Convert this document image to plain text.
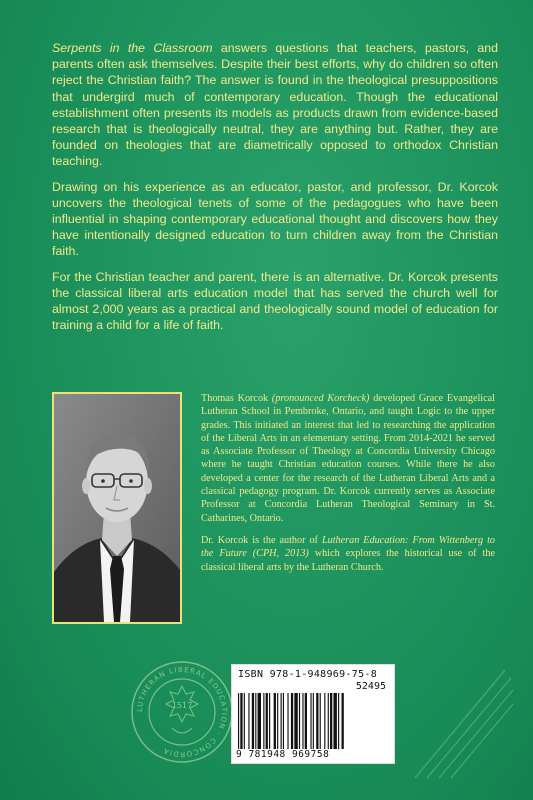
Serpents in the Classroom answers questions that teachers, pastors, and parents often ask themselves. Despite their best efforts, why do children so often reject the Christian faith? The answer is found in the theological presuppositions that undergird much of contemporary education. Though the educational establishment often presents its models as products drawn from evidence-based research that is theologically neutral, they are anything but. Rather, they are founded on theologies that are diametrically opposed to orthodox Christian teaching.

Drawing on his experience as an educator, pastor, and professor, Dr. Korcok uncovers the theological tenets of some of the pedagogues who have been influential in shaping contemporary educational thought and discovers how they have intentionally designed education to turn children away from the Christian faith.

For the Christian teacher and parent, there is an alternative. Dr. Korcok presents the classical liberal arts education model that has served the church well for almost 2,000 years as a practical and theologically sound model of education for training a child for a life of faith.

Thomas Korcok (pronounced Korcheck) developed Grace Evangelical Lutheran School in Pembroke, Ontario, and taught Logic to the upper grades. This initiated an interest that led to researching the application of the Liberal Arts in an elementary setting. From 2014-2021 he served as Associate Professor of Theology at Concordia University Chicago where he taught Christian education courses. While there he also developed a center for the research of the Lutheran Liberal Arts and a classical pedagogy program. Dr. Korcok currently serves as Associate Professor at Concordia Lutheran Theological Seminary in St. Catharines, Ontario.

Dr. Korcok is the author of Lutheran Education: From Wittenberg to the Future (CPH, 2013) which explores the historical use of the classical liberal arts by the Lutheran Church.

LUTHERAN LIBERAL EDUCATION · CONCORDIA
1517
ISBN 978-1-948969-75-8
52495
9 781948 969758
